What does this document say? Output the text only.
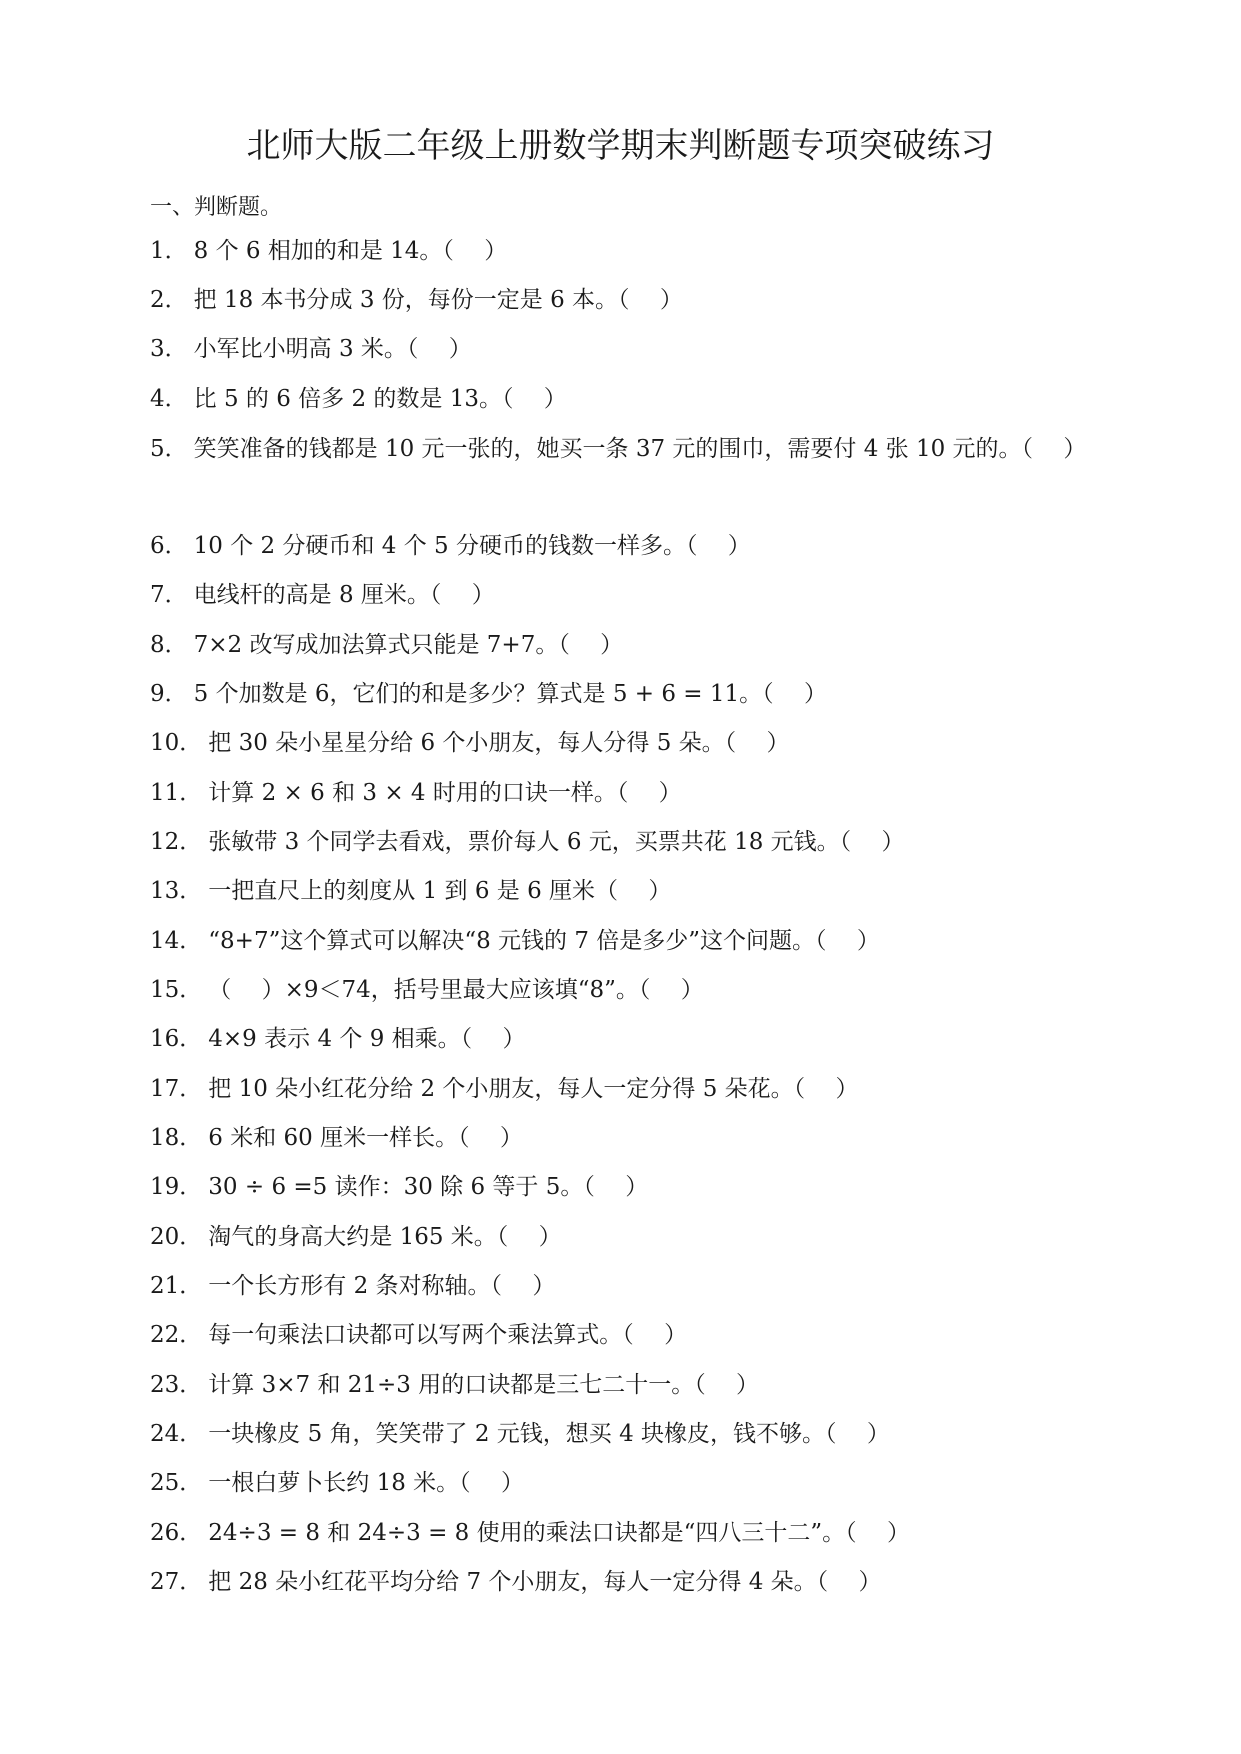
北师大版二年级上册数学期末判断题专项突破练习
一、判断题。
1． 8 个 6 相加的和是 14。（　 ）
2． 把 18 本书分成 3 份，每份一定是 6 本。（　 ）
3． 小军比小明高 3 米。（　 ）
4． 比 5 的 6 倍多 2 的数是 13。（　 ）
5． 笑笑准备的钱都是 10 元一张的，她买一条 37 元的围巾，需要付 4 张 10 元的。（　 ）
6． 10 个 2 分硬币和 4 个 5 分硬币的钱数一样多。（　 ）
7． 电线杆的高是 8 厘米。（　 ）
8． 7×2 改写成加法算式只能是 7+7。（　 ）
9． 5 个加数是 6，它们的和是多少？算式是 5 + 6 = 11。（　 ）
10． 把 30 朵小星星分给 6 个小朋友，每人分得 5 朵。（　 ）
11． 计算 2 × 6 和 3 × 4 时用的口诀一样。（　 ）
12． 张敏带 3 个同学去看戏，票价每人 6 元，买票共花 18 元钱。（　 ）
13． 一把直尺上的刻度从 1 到 6 是 6 厘米（　 ）
14． “8+7”这个算式可以解决“8 元钱的 7 倍是多少”这个问题。（　 ）
15． （　 ）×9＜74，括号里最大应该填“8”。（　 ）
16． 4×9 表示 4 个 9 相乘。（　 ）
17． 把 10 朵小红花分给 2 个小朋友，每人一定分得 5 朵花。（　 ）
18． 6 米和 60 厘米一样长。（　 ）
19． 30 ÷ 6 =5 读作：30 除 6 等于 5。（　 ）
20． 淘气的身高大约是 165 米。（　 ）
21． 一个长方形有 2 条对称轴。（　 ）
22． 每一句乘法口诀都可以写两个乘法算式。（　 ）
23． 计算 3×7 和 21÷3 用的口诀都是三七二十一。（　 ）
24． 一块橡皮 5 角，笑笑带了 2 元钱，想买 4 块橡皮，钱不够。（　 ）
25． 一根白萝卜长约 18 米。（　 ）
26． 24÷3 = 8 和 24÷3 = 8 使用的乘法口诀都是“四八三十二”。（　 ）
27． 把 28 朵小红花平均分给 7 个小朋友，每人一定分得 4 朵。（　 ）
